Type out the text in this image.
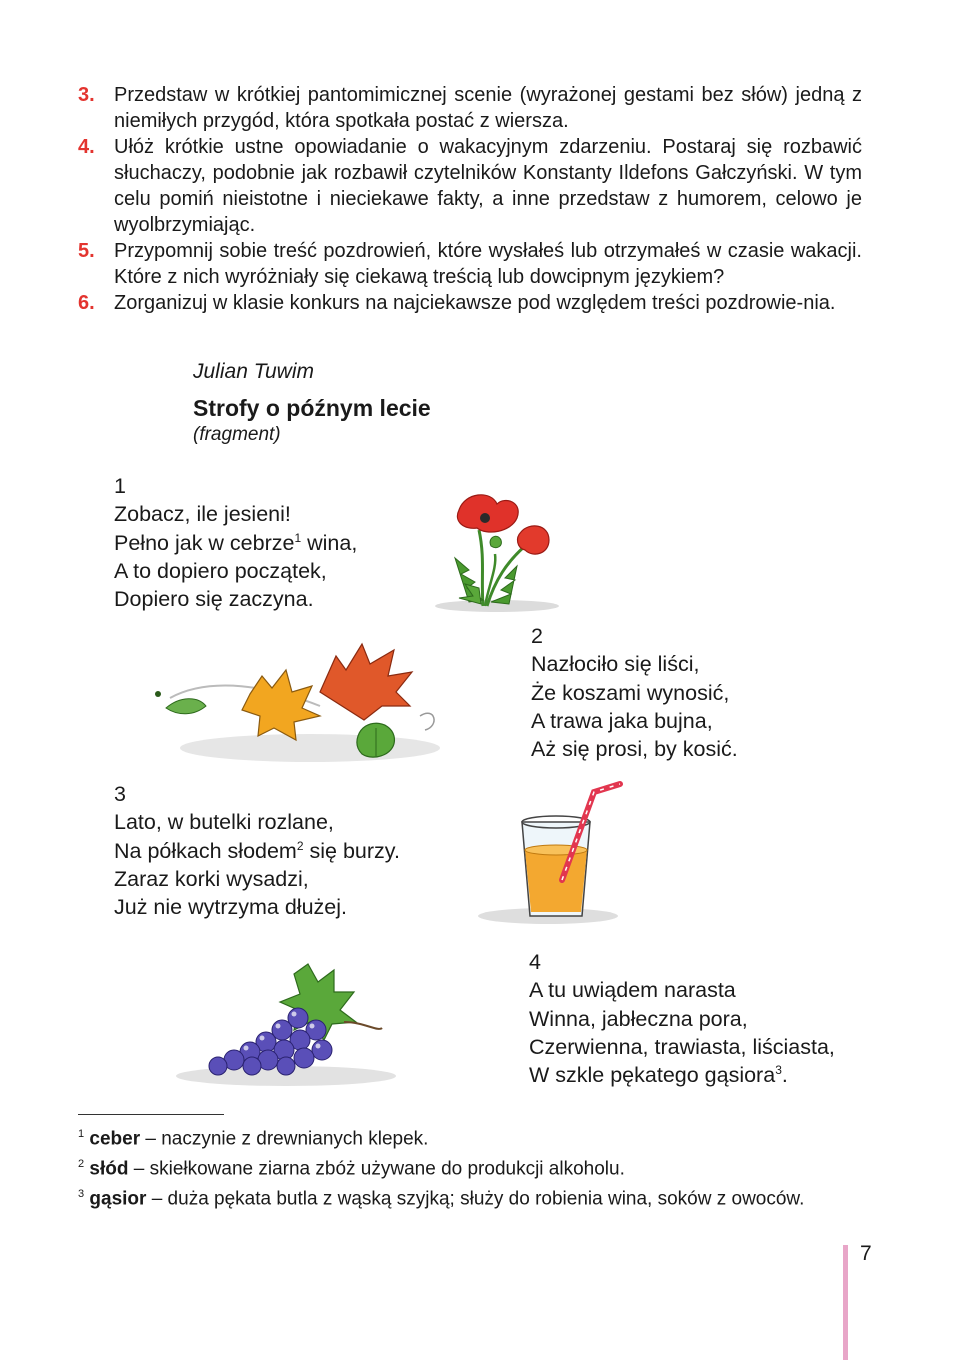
3. Przedstaw w krótkiej pantomimicznej scenie (wyrażonej gestami bez słów) jedną z niemiłych przygód, która spotkała postać z wiersza.
4. Ułóż krótkie ustne opowiadanie o wakacyjnym zdarzeniu. Postaraj się rozbawić słuchaczy, podobnie jak rozbawił czytelników Konstanty Ildefons Gałczyński. W tym celu pomiń nieistotne i nieciekawe fakty, a inne przedstaw z humorem, celowo je wyolbrzymiając.
5. Przypomnij sobie treść pozdrowień, które wysłałeś lub otrzymałeś w czasie wakacji. Które z nich wyróżniały się ciekawą treścią lub dowcipnym językiem?
6. Zorganizuj w klasie konkurs na najciekawsze pod względem treści pozdrowie-nia.
Julian Tuwim
Strofy o późnym lecie
(fragment)
1
Zobacz, ile jesieni!
Pełno jak w cebrze$^1$ wina,
A to dopiero początek,
Dopiero się zaczyna.
2
Nazłociło się liści,
Że koszami wynosić,
A trawa jaka bujna,
Aż się prosi, by kosić.
3
Lato, w butelki rozlane,
Na półkach słodem$^2$ się burzy.
Zaraz korki wysadzi,
Już nie wytrzyma dłużej.
4
A tu uwiądem narasta
Winna, jabłeczna pora,
Czerwienna, trawiasta, liściasta,
W szkle pękatego gąsiora$^3$.
$^1$ ceber – naczynie z drewnianych klepek.
$^2$ słód – skiełkowane ziarna zbóż używane do produkcji alkoholu.
$^3$ gąsior – duża pękata butla z wąską szyjką; służy do robienia wina, soków z owoców.
7
